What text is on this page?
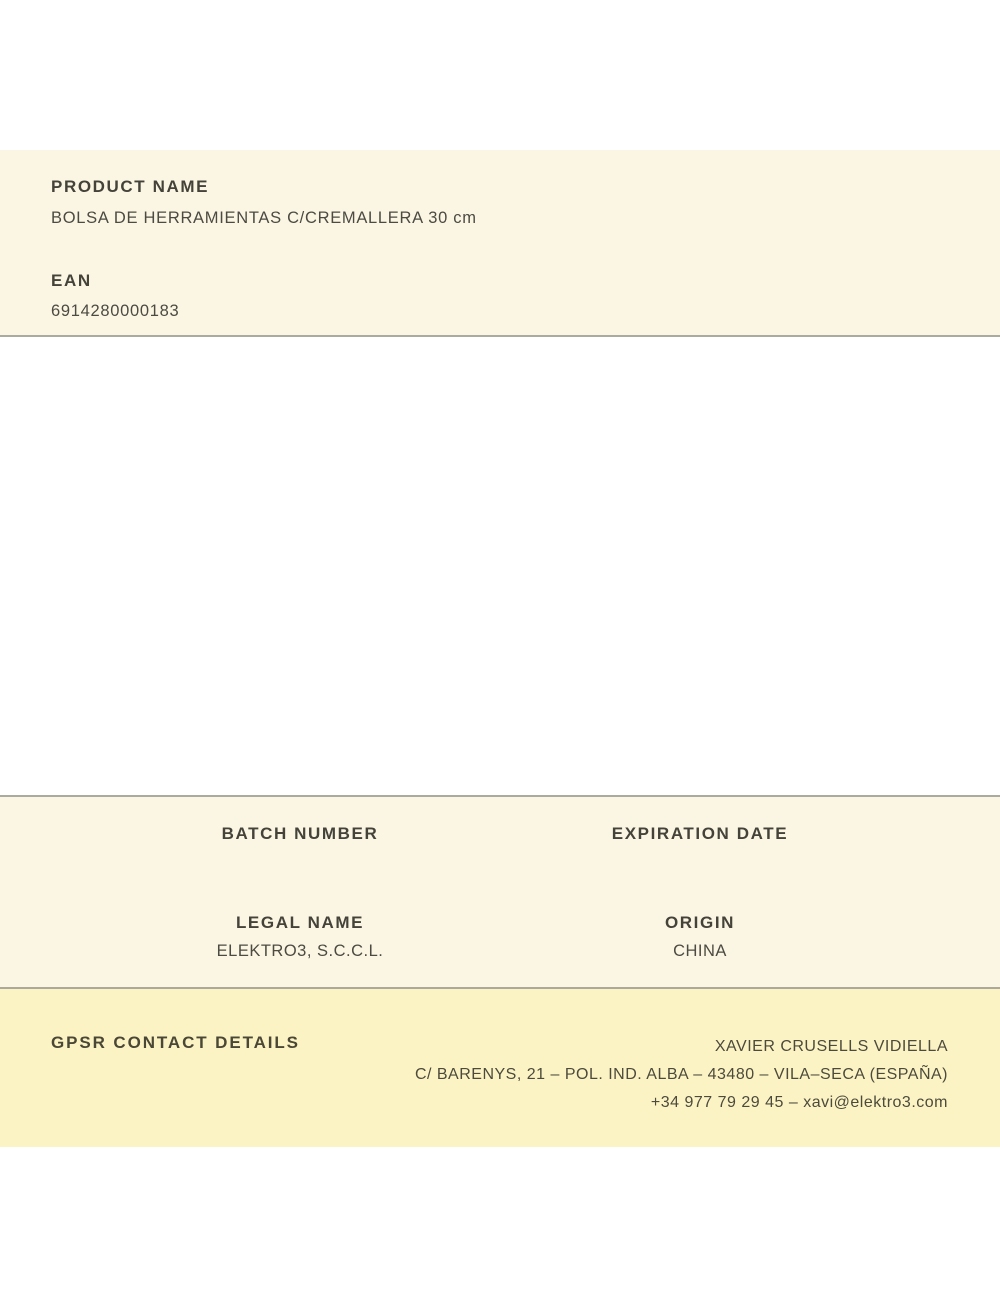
PRODUCT NAME
BOLSA DE HERRAMIENTAS C/CREMALLERA 30 cm
EAN
6914280000183
BATCH NUMBER	EXPIRATION DATE
LEGAL NAME
ELEKTRO3, S.C.C.L.
ORIGIN
CHINA
GPSR CONTACT DETAILS	XAVIER CRUSELLS VIDIELLA
C/ BARENYS, 21 – POL. IND. ALBA – 43480 – VILA–SECA (ESPAÑA)
+34 977 79 29 45 – xavi@elektro3.com
